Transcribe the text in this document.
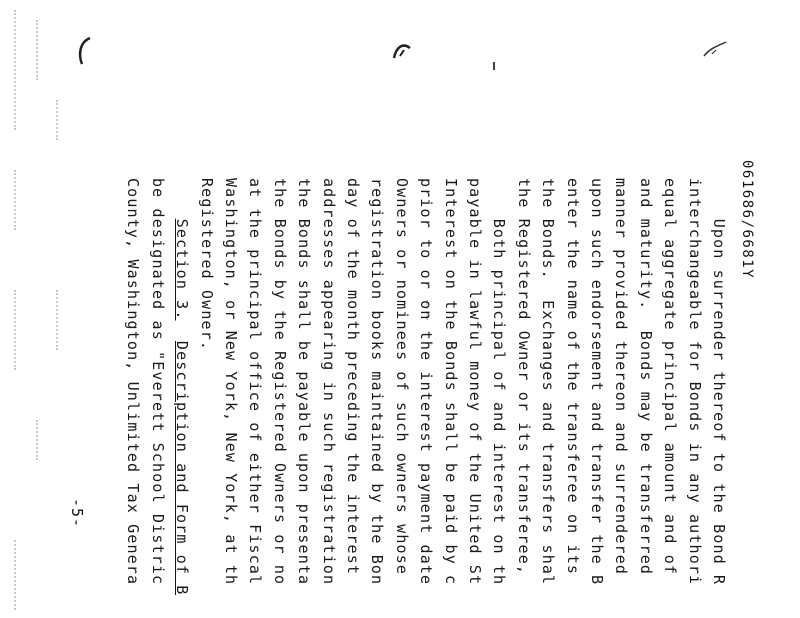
061686/6681Y
Upon surrender thereof to the Bond R
interchangeable for Bonds in any authori
equal aggregate principal amount and of
and maturity.  Bonds may be transferred
manner provided thereon and surrendered
upon such endorsement and transfer the B
enter the name of the transferee on its
the Bonds.  Exchanges and transfers shal
the Registered Owner or its transferee,
Both principal of and interest on th
payable in lawful money of the United St
Interest on the Bonds shall be paid by c
prior to or on the interest payment date
Owners or nominees of such owners whose
registration books maintained by the Bon
day of the month preceding the interest
addresses appearing in such registration
the Bonds shall be payable upon presenta
the Bonds by the Registered Owners or no
at the principal office of either Fiscal
Washington, or New York, New York, at th
Registered Owner.
Section 3.  Description and Form of B
be designated as "Everett School Distric
County, Washington, Unlimited Tax Genera
-5-
